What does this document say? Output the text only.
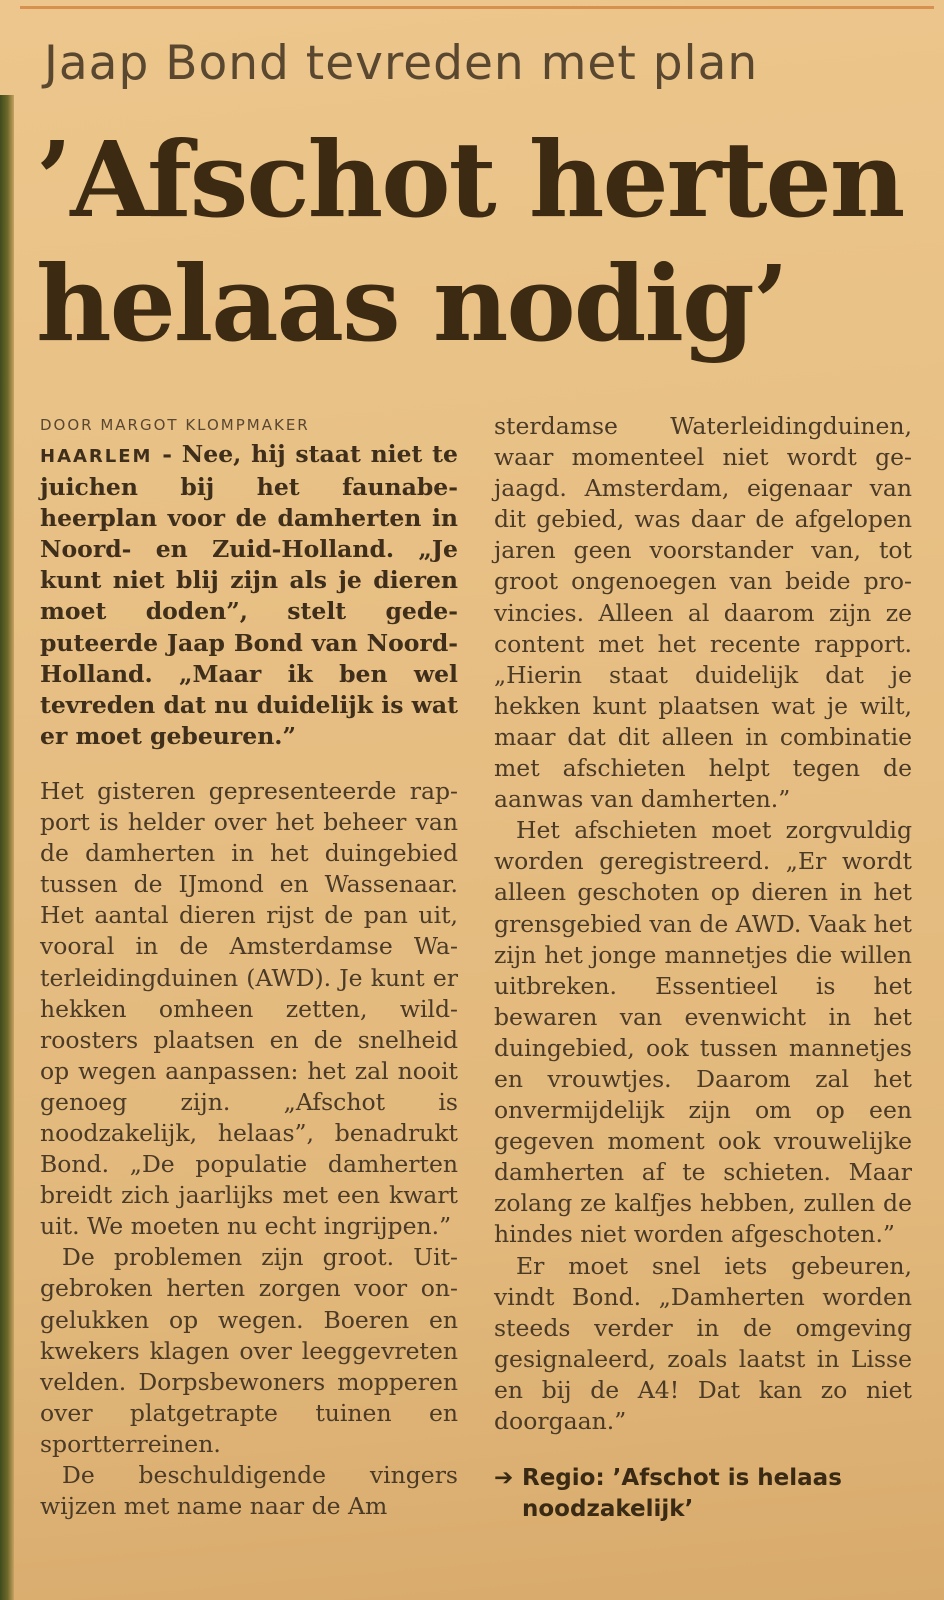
Jaap Bond tevreden met plan
’Afschot herten
helaas nodig’

DOOR MARGOT KLOMPMAKER

HAARLEM - Nee, hij staat niet te juichen bij het faunabeheerplan voor de damherten in Noord- en Zuid-Holland. „Je kunt niet blij zijn als je dieren moet doden”, stelt gedeputeerde Jaap Bond van Noord-Holland. „Maar ik ben wel tevreden dat nu duidelijk is wat er moet gebeuren.”

Het gisteren gepresenteerde rapport is helder over het beheer van de damherten in het duingebied tussen de IJmond en Wassenaar. Het aantal dieren rijst de pan uit, vooral in de Amsterdamse Waterleidingduinen (AWD). Je kunt er hekken omheen zetten, wildroosters plaatsen en de snelheid op wegen aanpassen: het zal nooit genoeg zijn. „Afschot is noodzakelijk, helaas”, benadrukt Bond. „De populatie damherten breidt zich jaarlijks met een kwart uit. We moeten nu echt ingrijpen.”

De problemen zijn groot. Uitgebroken herten zorgen voor ongelukken op wegen. Boeren en kwekers klagen over leeggevreten velden. Dorpsbewoners mopperen over platgetrapte tuinen en sportterreinen.

De beschuldigende vingers wijzen met name naar de Am

sterdamse Waterleidingduinen, waar momenteel niet wordt gejaagd. Amsterdam, eigenaar van dit gebied, was daar de afgelopen jaren geen voorstander van, tot groot ongenoegen van beide provincies. Alleen al daarom zijn ze content met het recente rapport. „Hierin staat duidelijk dat je hekken kunt plaatsen wat je wilt, maar dat dit alleen in combinatie met afschieten helpt tegen de aanwas van damherten.”

Het afschieten moet zorgvuldig worden geregistreerd. „Er wordt alleen geschoten op dieren in het grensgebied van de AWD. Vaak het zijn het jonge mannetjes die willen uitbreken. Essentieel is het bewaren van evenwicht in het duingebied, ook tussen mannetjes en vrouwtjes. Daarom zal het onvermijdelijk zijn om op een gegeven moment ook vrouwelijke damherten af te schieten. Maar zolang ze kalfjes hebben, zullen de hindes niet worden afgeschoten.”

Er moet snel iets gebeuren, vindt Bond. „Damherten worden steeds verder in de omgeving gesignaleerd, zoals laatst in Lisse en bij de A4! Dat kan zo niet doorgaan.”

➔ Regio: ’Afschot is helaas
noodzakelijk’
